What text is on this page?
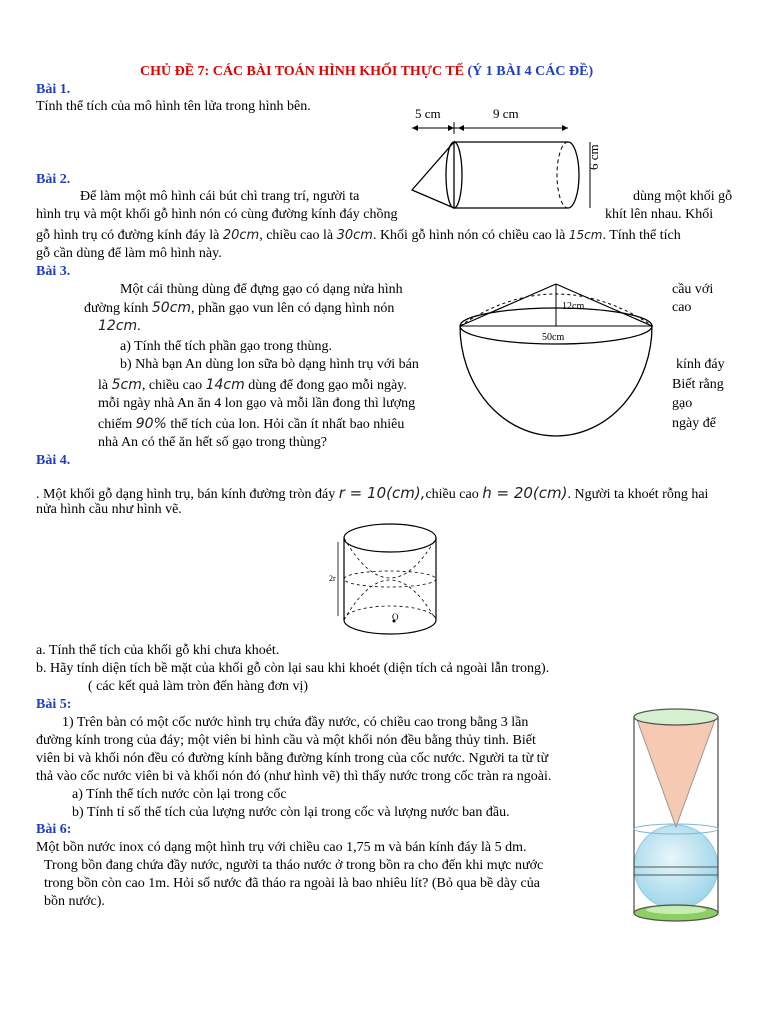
CHỦ ĐỀ 7: CÁC BÀI TOÁN HÌNH KHỐI THỰC TẾ (Ý 1 BÀI 4 CÁC ĐỀ)
Bài 1.
Tính thể tích của mô hình tên lửa trong hình bên.	5 cm	9 cm
6 cm
Bài 2.
Để làm một mô hình cái bút chì trang trí, người ta	dùng một khối gỗ
hình trụ và một khối gỗ hình nón có cùng đường kính đáy chồng	khít lên nhau. Khối
gỗ hình trụ có đường kính đáy là 20cm, chiều cao là 30cm. Khối gỗ hình nón có chiều cao là 15cm. Tính thể tích
gỗ cần dùng để làm mô hình này.
Bài 3.
Một cái thùng dùng để đựng gạo có dạng nửa hình	cầu với
đường kính 50cm, phần gạo vun lên có dạng hình nón	cao
12cm.
a) Tính thể tích phần gạo trong thùng.
b) Nhà bạn An dùng lon sữa bò dạng hình trụ với bán	kính đáy
là 5cm, chiều cao 14cm dùng để đong gạo mỗi ngày.	Biết rằng
mỗi ngày nhà An ăn 4 lon gạo và mỗi lần đong thì lượng	gạo
chiếm 90% thể tích của lon. Hỏi cần ít nhất bao nhiêu	ngày để
nhà An có thể ăn hết số gạo trong thùng?
12cm
50cm
Bài 4.
. Một khối gỗ dạng hình trụ, bán kính đường tròn đáy r = 10(cm),chiều cao h = 20(cm). Người ta khoét rỗng hai
nửa hình cầu như hình vẽ.
2r
O
a. Tính thể tích của khối gỗ khi chưa khoét.
b. Hãy tính diện tích bề mặt của khối gỗ còn lại sau khi khoét (diện tích cả ngoài lẫn trong).
( các kết quả làm tròn đến hàng đơn vị)
Bài 5:
1) Trên bàn có một cốc nước hình trụ chứa đầy nước, có chiều cao trong bằng 3 lần
đường kính trong của đáy; một viên bi hình cầu và một khối nón đều bằng thủy tinh. Biết
viên bi và khối nón đều có đường kính bằng đường kính trong của cốc nước. Người ta từ từ
thả vào cốc nước viên bi và khối nón đó (như hình vẽ) thì thấy nước trong cốc tràn ra ngoài.
a) Tính thể tích nước còn lại trong cốc
b) Tính tỉ số thể tích của lượng nước còn lại trong cốc và lượng nước ban đầu.
Bài 6:
Một bồn nước inox có dạng một hình trụ với chiều cao 1,75 m và bán kính đáy là 5 dm.
Trong bồn đang chứa đầy nước, người ta tháo nước ở trong bồn ra cho đến khi mực nước
trong bồn còn cao 1m. Hỏi số nước đã tháo ra ngoài là bao nhiêu lít? (Bỏ qua bề dày của
bồn nước).
